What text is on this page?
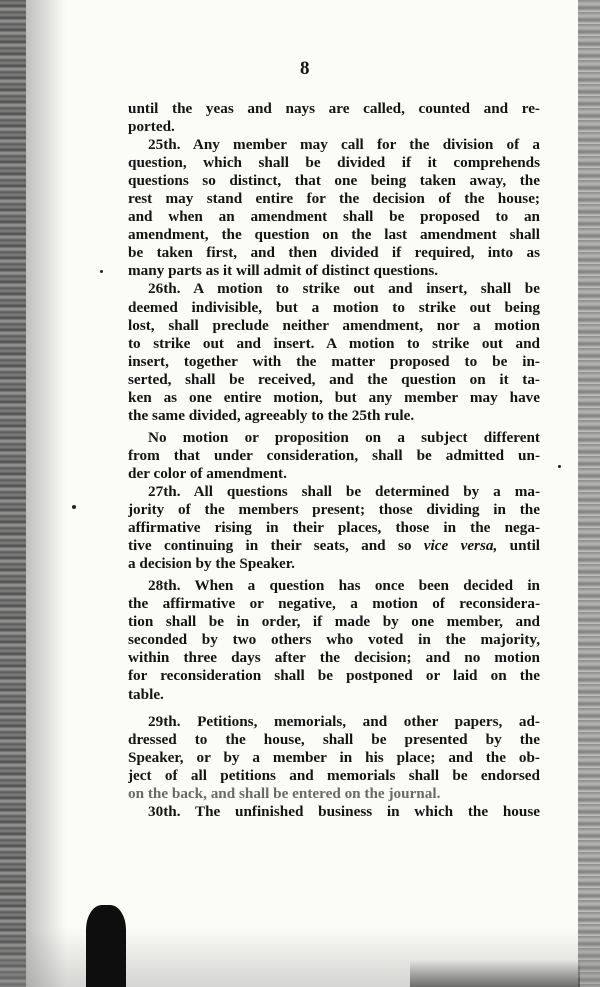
8
until the yeas and nays are called, counted and re-
ported.
25th. Any member may call for the division of a
question, which shall be divided if it comprehends
questions so distinct, that one being taken away, the
rest may stand entire for the decision of the house;
and when an amendment shall be proposed to an
amendment, the question on the last amendment shall
be taken first, and then divided if required, into as
many parts as it will admit of distinct questions.
26th. A motion to strike out and insert, shall be
deemed indivisible, but a motion to strike out being
lost, shall preclude neither amendment, nor a motion
to strike out and insert. A motion to strike out and
insert, together with the matter proposed to be in-
serted, shall be received, and the question on it ta-
ken as one entire motion, but any member may have
the same divided, agreeably to the 25th rule.
No motion or proposition on a subject different
from that under consideration, shall be admitted un-
der color of amendment.
27th. All questions shall be determined by a ma-
jority of the members present; those dividing in the
affirmative rising in their places, those in the nega-
tive continuing in their seats, and so vice versa, until
a decision by the Speaker.
28th. When a question has once been decided in
the affirmative or negative, a motion of reconsidera-
tion shall be in order, if made by one member, and
seconded by two others who voted in the majority,
within three days after the decision; and no motion
for reconsideration shall be postponed or laid on the
table.
29th. Petitions, memorials, and other papers, ad-
dressed to the house, shall be presented by the
Speaker, or by a member in his place; and the ob-
ject of all petitions and memorials shall be endorsed
on the back, and shall be entered on the journal.
30th. The unfinished business in which the house
